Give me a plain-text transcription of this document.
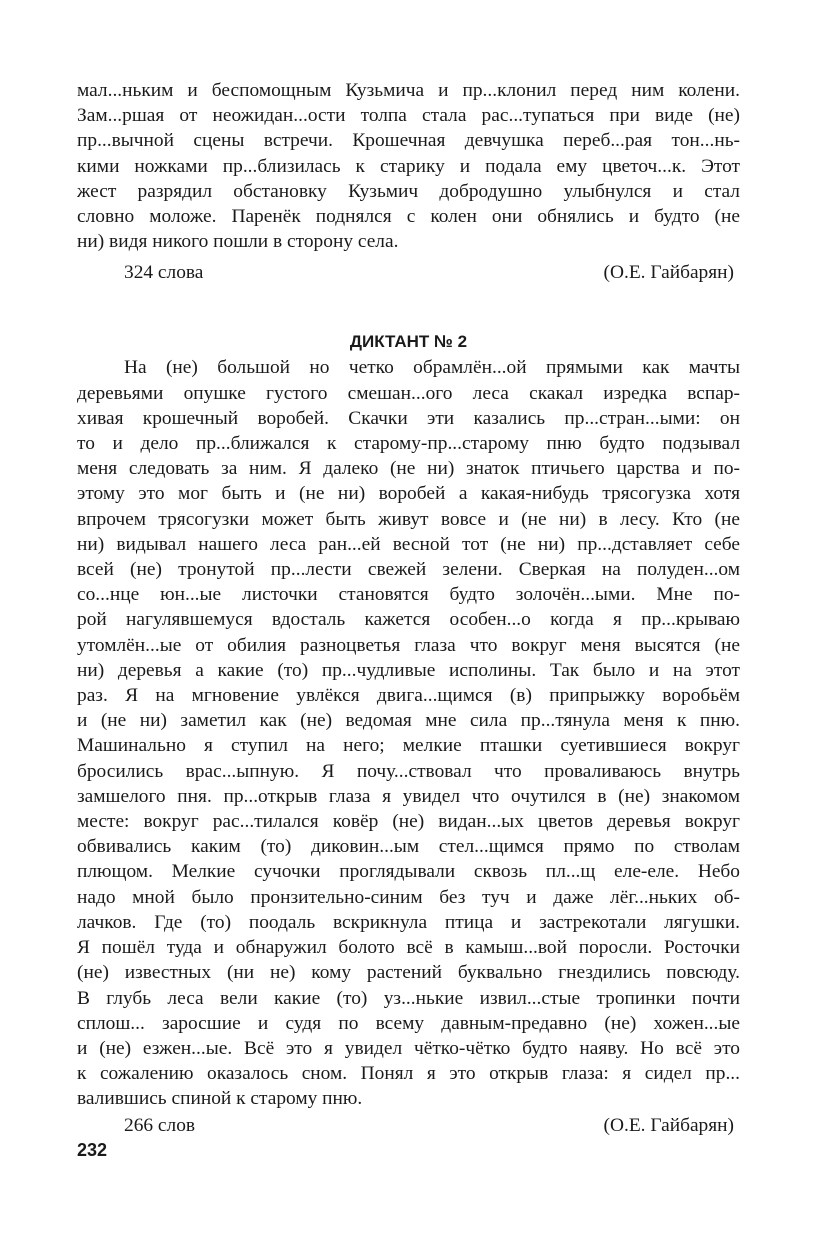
мал...ньким и беспомощным Кузьмича и пр...клонил перед ним колени.
Зам...ршая от неожидан...ости толпа стала рас...тупаться при виде (не)
пр...вычной сцены встречи. Крошечная девчушка переб...рая тон...нь-
кими ножками пр...близилась к старику и подала ему цветоч...к. Этот
жест разрядил обстановку Кузьмич добродушно улыбнулся и стал
словно моложе. Паренёк поднялся с колен они обнялись и будто (не
ни) видя никого пошли в сторону села.
324 слова	(О.Е. Гайбарян)
ДИКТАНТ № 2
На (не) большой но четко обрамлён...ой прямыми как мачты
деревьями опушке густого смешан...ого леса скакал изредка вспар-
хивая крошечный воробей. Скачки эти казались пр...стран...ыми: он
то и дело пр...ближался к старому-пр...старому пню будто подзывал
меня следовать за ним. Я далеко (не ни) знаток птичьего царства и по-
этому это мог быть и (не ни) воробей а какая-нибудь трясогузка хотя
впрочем трясогузки может быть живут вовсе и (не ни) в лесу. Кто (не
ни) видывал нашего леса ран...ей весной тот (не ни) пр...дставляет себе
всей (не) тронутой пр...лести свежей зелени. Сверкая на полуден...ом
со...нце юн...ые листочки становятся будто золочён...ыми. Мне по-
рой нагулявшемуся вдосталь кажется особен...о когда я пр...крываю
утомлён...ые от обилия разноцветья глаза что вокруг меня высятся (не
ни) деревья а какие (то) пр...чудливые исполины. Так было и на этот
раз. Я на мгновение увлёкся двига...щимся (в) припрыжку воробьём
и (не ни) заметил как (не) ведомая мне сила пр...тянула меня к пню.
Машинально я ступил на него; мелкие пташки суетившиеся вокруг
бросились врас...ыпную. Я почу...ствовал что проваливаюсь внутрь
замшелого пня. пр...открыв глаза я увидел что очутился в (не) знакомом
месте: вокруг рас...тилался ковёр (не) видан...ых цветов деревья вокруг
обвивались каким (то) диковин...ым стел...щимся прямо по стволам
плющом. Мелкие сучочки проглядывали сквозь пл...щ еле-еле. Небо
надо мной было пронзительно-синим без туч и даже лёг...ньких об-
лачков. Где (то) поодаль вскрикнула птица и застрекотали лягушки.
Я пошёл туда и обнаружил болото всё в камыш...вой поросли. Росточки
(не) известных (ни не) кому растений буквально гнездились повсюду.
В глубь леса вели какие (то) уз...нькие извил...стые тропинки почти
сплош... заросшие и судя по всему давным-предавно (не) хожен...ые
и (не) езжен...ые. Всё это я увидел чётко-чётко будто наяву. Но всё это
к сожалению оказалось сном. Понял я это открыв глаза: я сидел пр...
валившись спиной к старому пню.
266 слов	(О.Е. Гайбарян)
232
